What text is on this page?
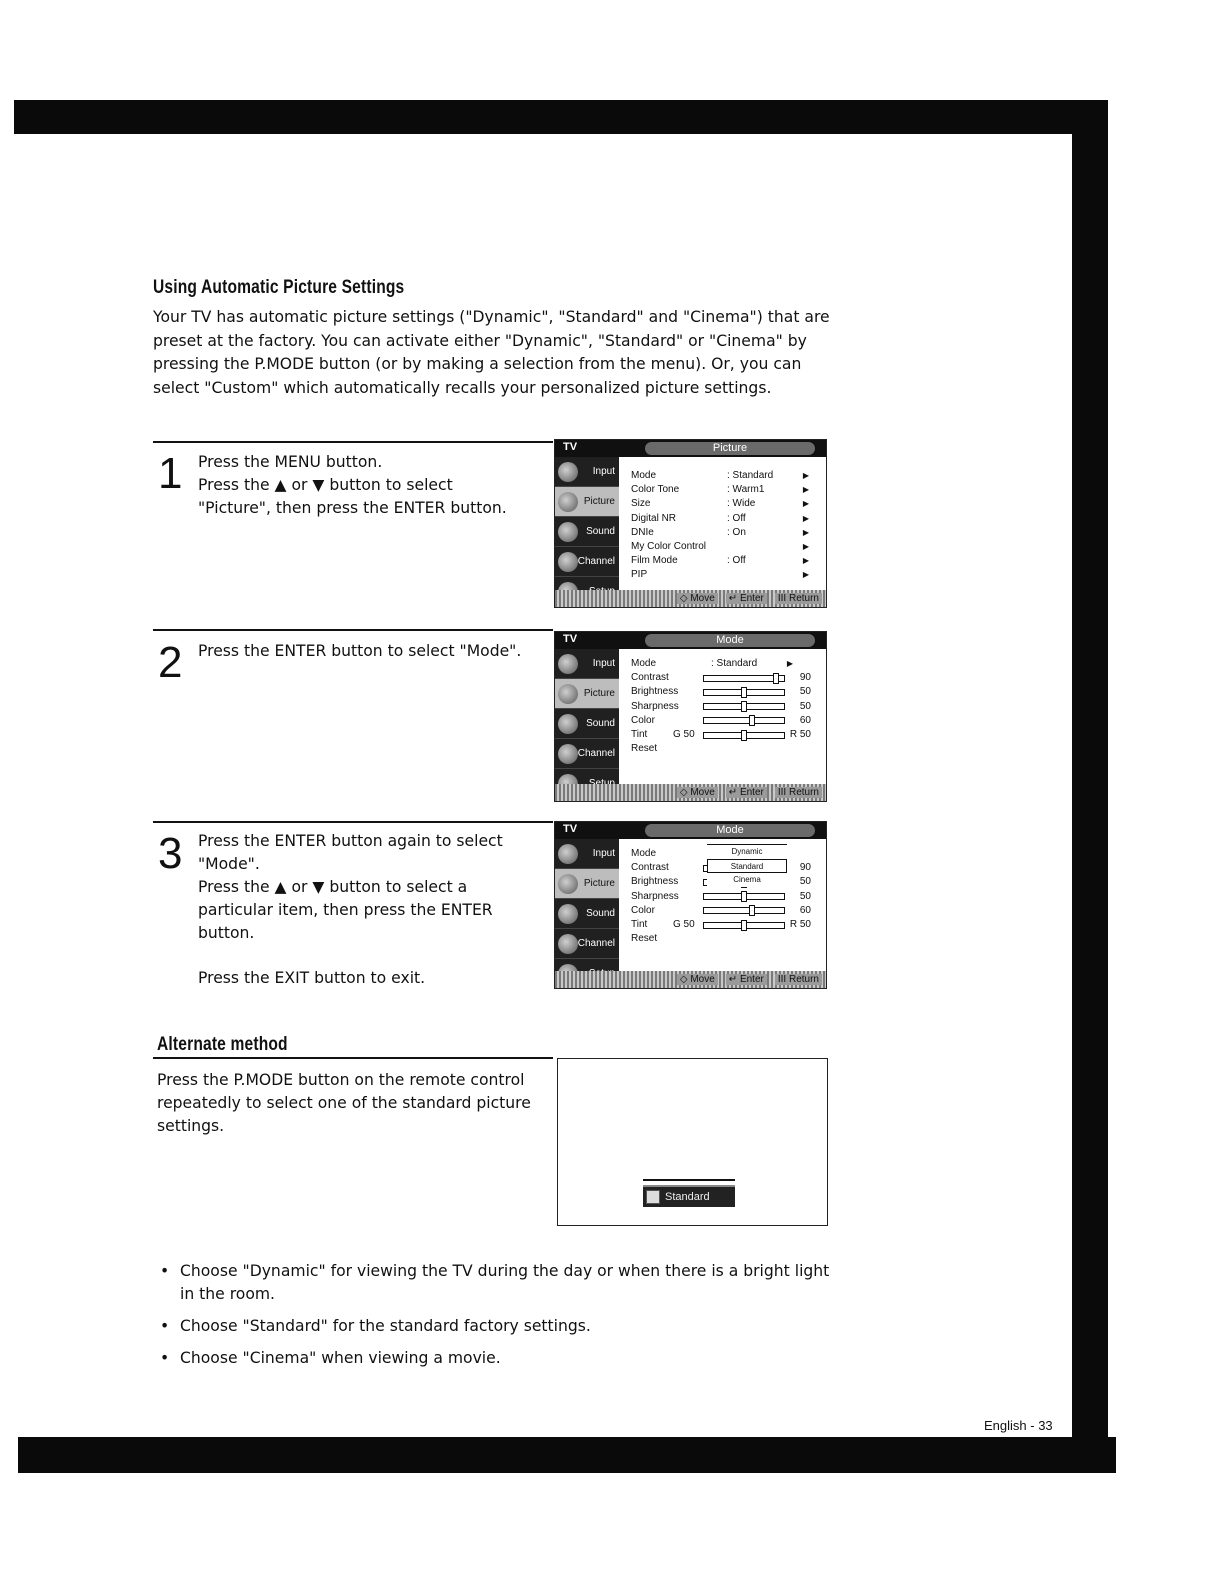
Using Automatic Picture Settings
Your TV has automatic picture settings ("Dynamic", "Standard" and "Cinema") that are preset at the factory. You can activate either "Dynamic", "Standard" or "Cinema" by pressing the P.MODE button (or by making a selection from the menu). Or, you can select "Custom" which automatically recalls your personalized picture settings.
1 Press the MENU button.

Press the ▲ or ▼ button to select

"Picture", then press the ENTER button.

TV	Picture
Input
Picture
Sound
Channel
Mode	: Standard	▶
Color Tone	: Warm1	▶
Size	: Wide	▶
Digital NR	: Off	▶
DNIe	: On	▶
My Color Control	▶
Film Mode	: Off	▶
PIP	▶
◇ Move	↵ Enter	III Return
2 Press the ENTER button to select "Mode".

TV	Mode
Input
Picture
Sound
Channel
Mode	: Standard	▶
Contrast	90
Brightness	50
Sharpness	50
Color	60
Tint	G 50	R 50
Reset
◇ Move	↵ Enter	III Return
3 Press the ENTER button again to select

"Mode".

Press the ▲ or ▼ button to select a

particular item, then press the ENTER

button.

Press the EXIT button to exit.

TV	Mode
Input
Picture
Sound
Channel
Mode
Contrast	90
Brightness	50
Sharpness	50
Color	60
Tint	G 50	R 50
Reset
Dynamic
Standard
Cinema
◇ Move	↵ Enter	III Return
Alternate method

Press the P.MODE button on the remote control

repeatedly to select one of the standard picture

settings.

Standard
• Choose "Dynamic" for viewing the TV during the day or when there is a bright light in the room.
• Choose "Standard" for the standard factory settings.
• Choose "Cinema" when viewing a movie.
English - 33
